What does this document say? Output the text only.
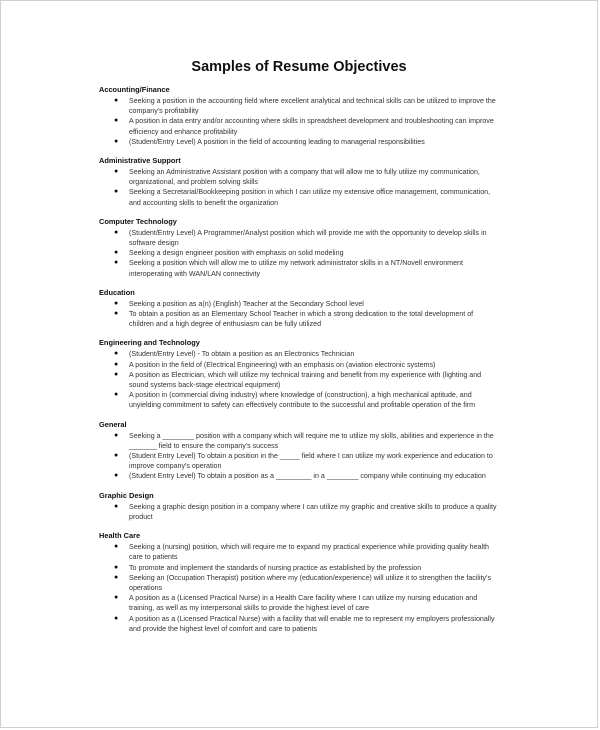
Samples of Resume Objectives
Accounting/Finance
● Seeking a position in the accounting field where excellent analytical and technical skills can be utilized to improve the company's profitability
● A position in data entry and/or accounting where skills in spreadsheet development and troubleshooting can improve efficiency and enhance profitability
● (Student/Entry Level) A position in the field of accounting leading to managerial responsibilities
Administrative Support
● Seeking an Administrative Assistant position with a company that will allow me to fully utilize my communication, organizational, and problem solving skills
● Seeking a Secretarial/Bookkeeping position in which I can utilize my extensive office management, communication, and accounting skills to benefit the organization
Computer Technology
● (Student/Entry Level) A Programmer/Analyst position which will provide me with the opportunity to develop skills in software design
● Seeking a design engineer position with emphasis on solid modeling
● Seeking a position which will allow me to utilize my network administrator skills in a NT/Novell environment interoperating with WAN/LAN connectivity
Education
● Seeking a position as a(n) (English) Teacher at the Secondary School level
● To obtain a position as an Elementary School Teacher in which a strong dedication to the total development of children and a high degree of enthusiasm can be fully utilized
Engineering and Technology
● (Student/Entry Level) - To obtain a position as an Electronics Technician
● A position in the field of (Electrical Engineering) with an emphasis on (aviation electronic systems)
● A position as Electrician, which will utilize my technical training and benefit from my experience with (lighting and sound systems back-stage electrical equipment)
● A position in (commercial diving industry) where knowledge of (construction), a high mechanical aptitude, and unyielding commitment to safety can effectively contribute to the successful and profitable operation of the firm
General
● Seeking a ________ position with a company which will require me to utilize my skills, abilities and experience in the _______ field to ensure the company's success
● (Student Entry Level) To obtain a position in the _____ field where I can utilize my work experience and education to improve company's operation
● (Student Entry Level) To obtain a position as a _________ in a ________ company while continuing my education
Graphic Design
● Seeking a graphic design position in a company where I can utilize my graphic and creative skills to produce a quality product
Health Care
● Seeking a (nursing) position, which will require me to expand my practical experience while providing quality health care to patients
● To promote and implement the standards of nursing practice as established by the profession
● Seeking an (Occupation Therapist) position where my (education/experience) will utilize it to strengthen the facility's operations
● A position as a (Licensed Practical Nurse) in a Health Care facility where I can utilize my nursing education and training, as well as my interpersonal skills to provide the highest level of care
● A position as a (Licensed Practical Nurse) with a facility that will enable me to represent my employers professionally and provide the highest level of comfort and care to patients
